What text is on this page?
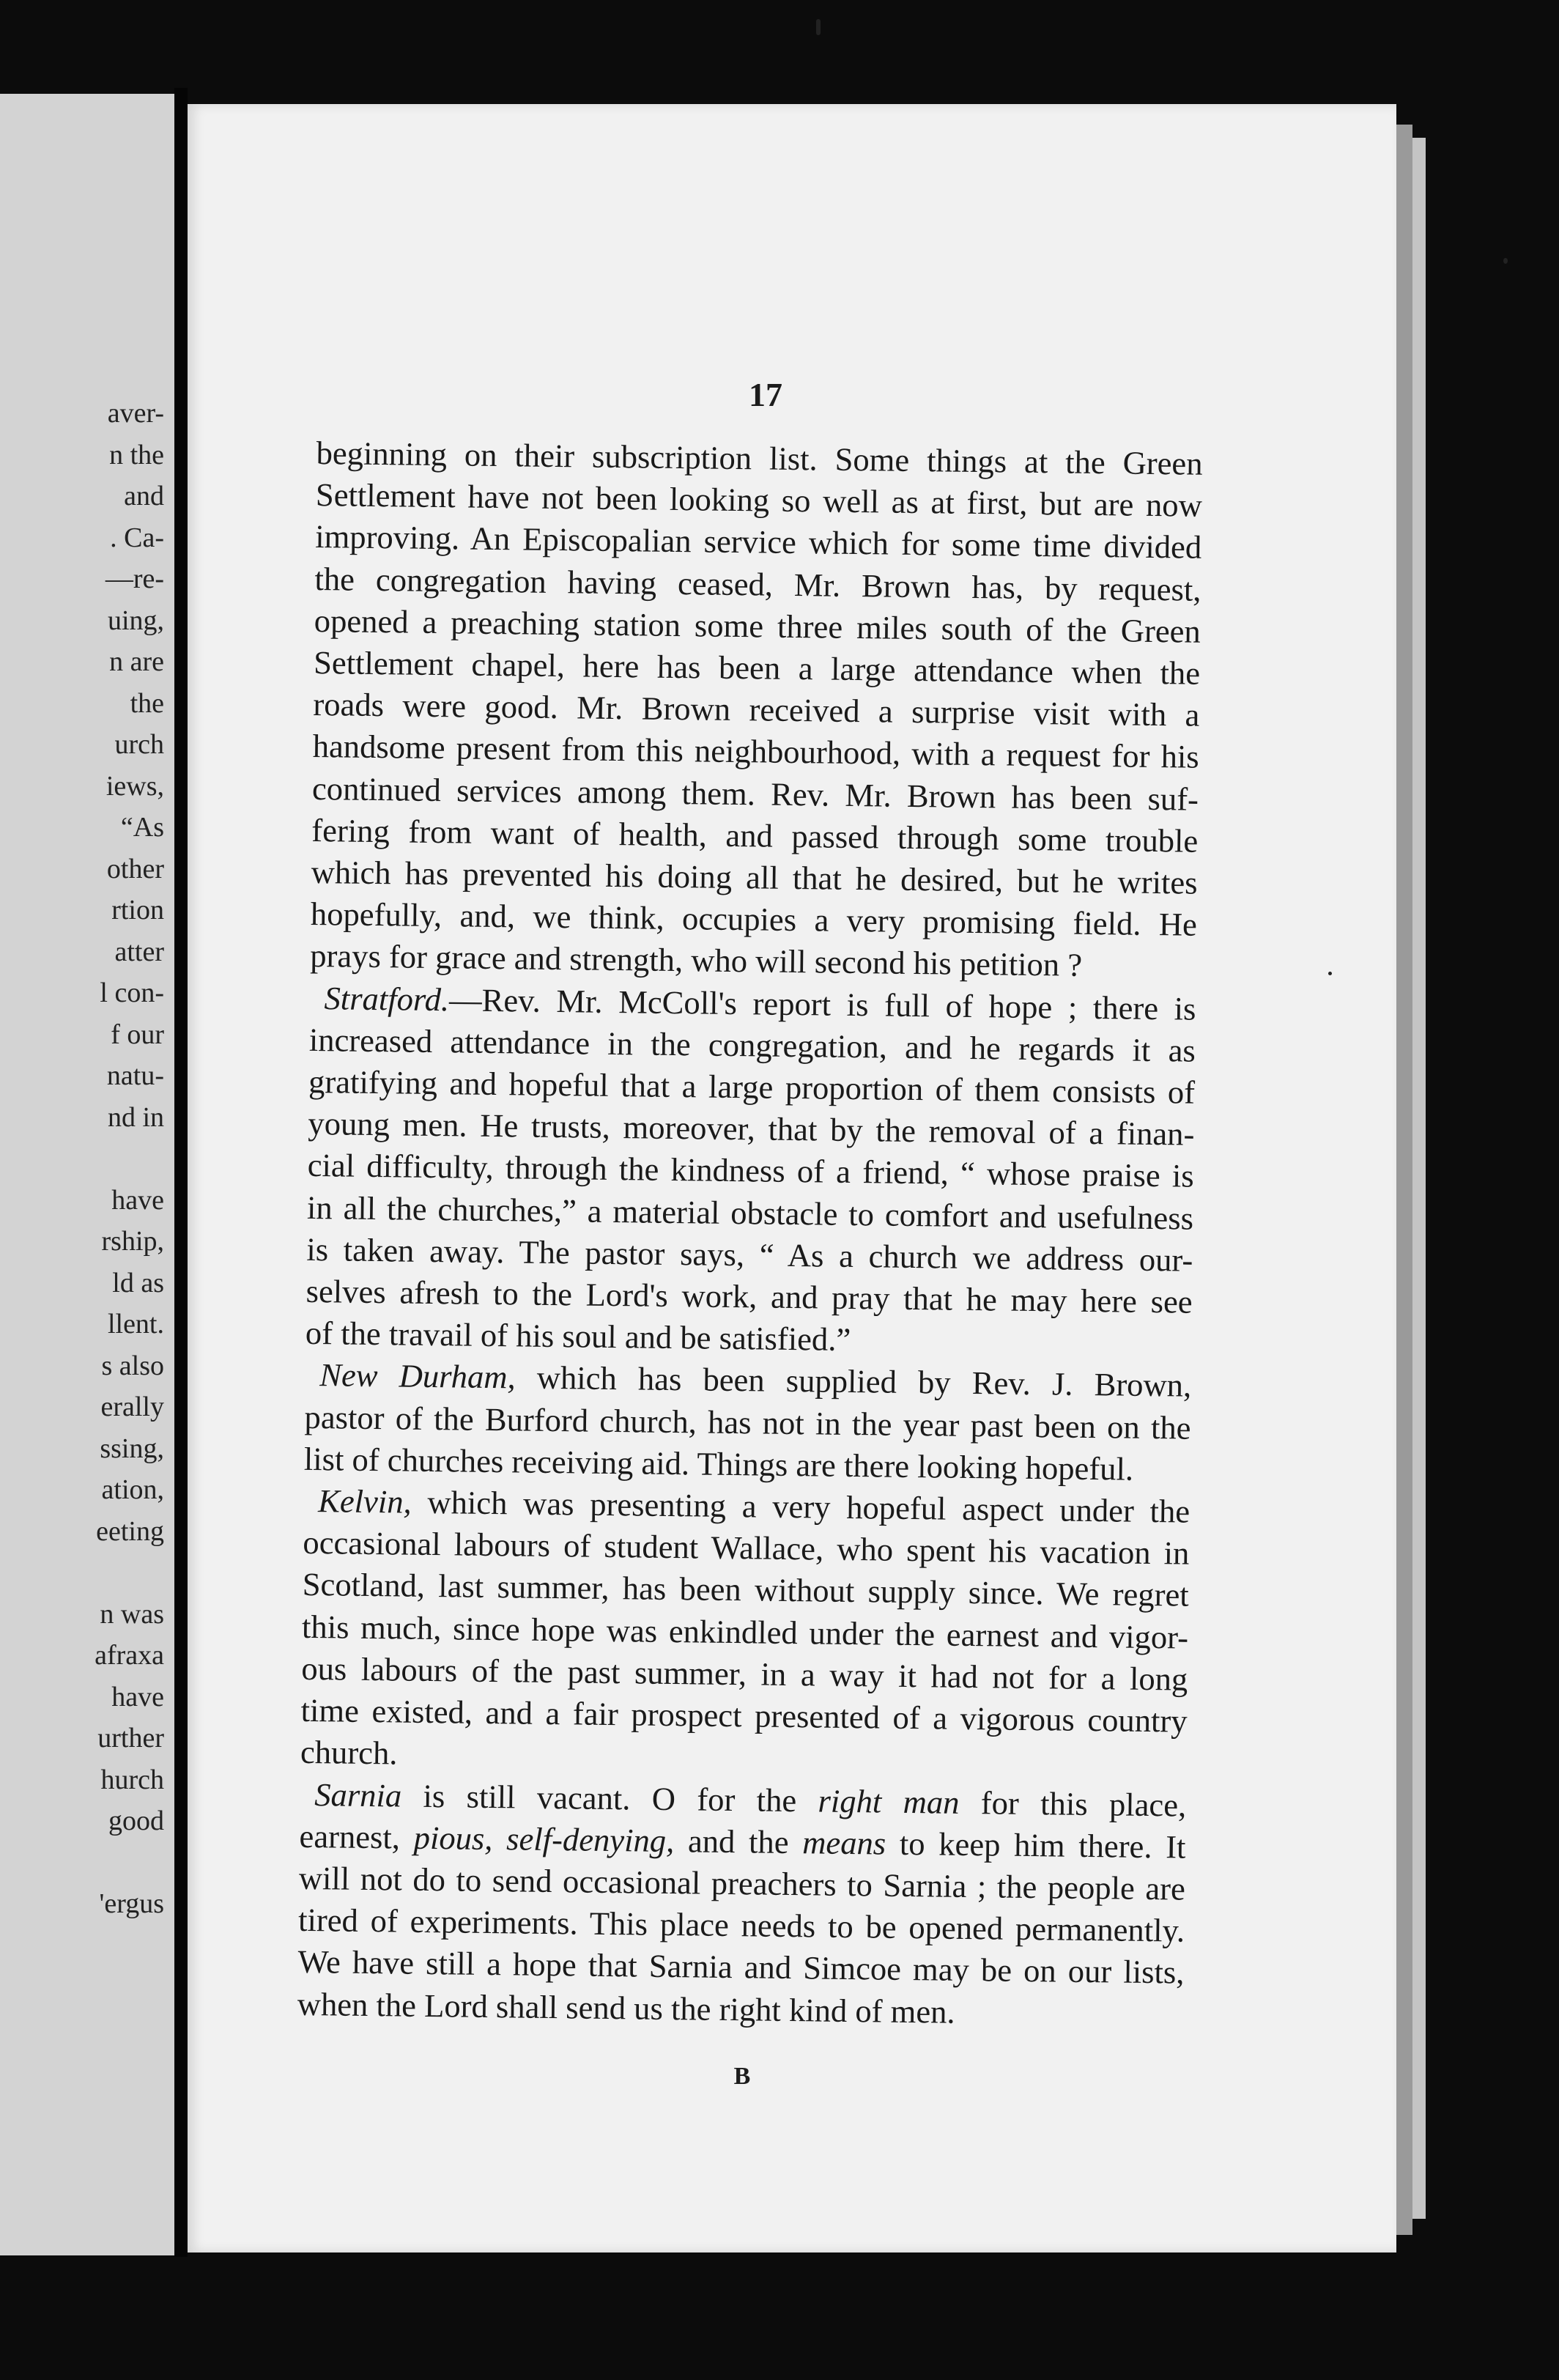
aver-
n the
and
. Ca-
—re-
uing,
n are
the
urch
iews,
“As
other
rtion
atter
l con-
f our
natu-
nd in
have
rship,
ld as
llent.
s also
erally
ssing,
ation,
eeting
n was
afraxa
have
urther
hurch
good
'ergus
17
beginning on their subscription list. Some things at the Green
Settlement have not been looking so well as at first, but are now
improving. An Episcopalian service which for some time divided
the congregation having ceased, Mr. Brown has, by request,
opened a preaching station some three miles south of the Green
Settlement chapel, here has been a large attendance when the
roads were good. Mr. Brown received a surprise visit with a
handsome present from this neighbourhood, with a request for his
continued services among them. Rev. Mr. Brown has been suf-
fering from want of health, and passed through some trouble
which has prevented his doing all that he desired, but he writes
hopefully, and, we think, occupies a very promising field. He
prays for grace and strength, who will second his petition ?
Stratford.—Rev. Mr. McColl's report is full of hope ; there is
increased attendance in the congregation, and he regards it as
gratifying and hopeful that a large proportion of them consists of
young men. He trusts, moreover, that by the removal of a finan-
cial difficulty, through the kindness of a friend, “ whose praise is
in all the churches,” a material obstacle to comfort and usefulness
is taken away. The pastor says, “ As a church we address our-
selves afresh to the Lord's work, and pray that he may here see
of the travail of his soul and be satisfied.”
New Durham, which has been supplied by Rev. J. Brown,
pastor of the Burford church, has not in the year past been on the
list of churches receiving aid. Things are there looking hopeful.
Kelvin, which was presenting a very hopeful aspect under the
occasional labours of student Wallace, who spent his vacation in
Scotland, last summer, has been without supply since. We regret
this much, since hope was enkindled under the earnest and vigor-
ous labours of the past summer, in a way it had not for a long
time existed, and a fair prospect presented of a vigorous country
church.
Sarnia is still vacant. O for the right man for this place,
earnest, pious, self-denying, and the means to keep him there. It
will not do to send occasional preachers to Sarnia ; the people are
tired of experiments. This place needs to be opened permanently.
We have still a hope that Sarnia and Simcoe may be on our lists,
when the Lord shall send us the right kind of men.
B
